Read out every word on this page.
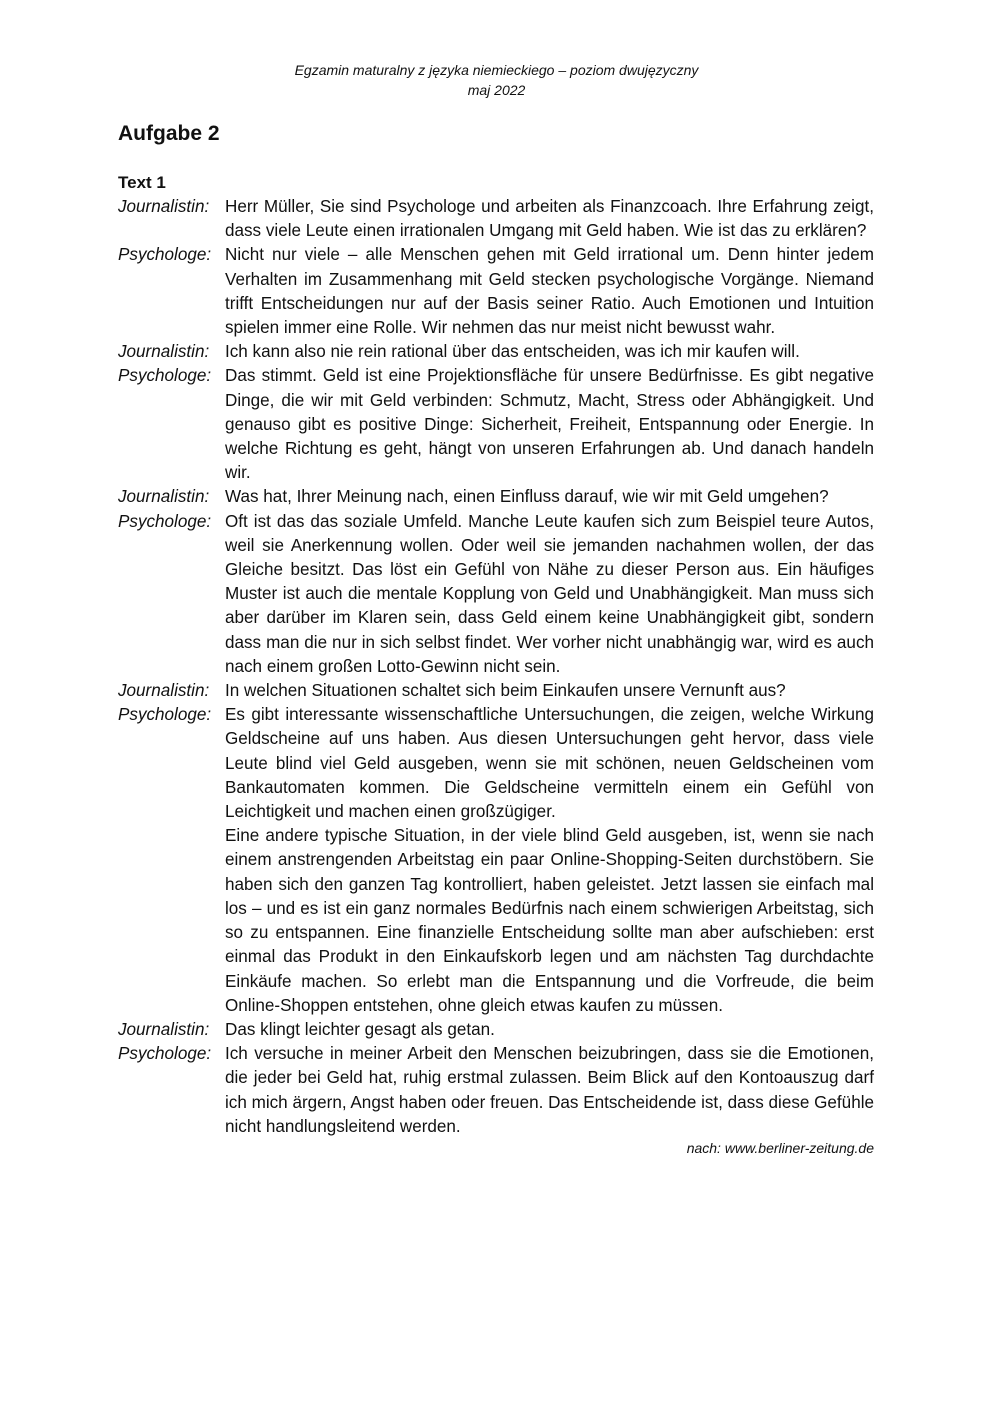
Egzamin maturalny z języka niemieckiego – poziom dwujęzyczny
maj 2022
Aufgabe 2
Text 1
Journalistin: Herr Müller, Sie sind Psychologe und arbeiten als Finanzcoach. Ihre Erfahrung zeigt, dass viele Leute einen irrationalen Umgang mit Geld haben. Wie ist das zu erklären?

Psychologe: Nicht nur viele – alle Menschen gehen mit Geld irrational um. Denn hinter jedem Verhalten im Zusammenhang mit Geld stecken psychologische Vorgänge. Niemand trifft Entscheidungen nur auf der Basis seiner Ratio. Auch Emotionen und Intuition spielen immer eine Rolle. Wir nehmen das nur meist nicht bewusst wahr.

Journalistin: Ich kann also nie rein rational über das entscheiden, was ich mir kaufen will.

Psychologe: Das stimmt. Geld ist eine Projektionsfläche für unsere Bedürfnisse. Es gibt negative Dinge, die wir mit Geld verbinden: Schmutz, Macht, Stress oder Abhängigkeit. Und genauso gibt es positive Dinge: Sicherheit, Freiheit, Entspannung oder Energie. In welche Richtung es geht, hängt von unseren Erfahrungen ab. Und danach handeln wir.

Journalistin: Was hat, Ihrer Meinung nach, einen Einfluss darauf, wie wir mit Geld umgehen?

Psychologe: Oft ist das das soziale Umfeld. Manche Leute kaufen sich zum Beispiel teure Autos, weil sie Anerkennung wollen. Oder weil sie jemanden nachahmen wollen, der das Gleiche besitzt. Das löst ein Gefühl von Nähe zu dieser Person aus. Ein häufiges Muster ist auch die mentale Kopplung von Geld und Unabhängigkeit. Man muss sich aber darüber im Klaren sein, dass Geld einem keine Unabhängigkeit gibt, sondern dass man die nur in sich selbst findet. Wer vorher nicht unabhängig war, wird es auch nach einem großen Lotto-Gewinn nicht sein.

Journalistin: In welchen Situationen schaltet sich beim Einkaufen unsere Vernunft aus?

Psychologe: Es gibt interessante wissenschaftliche Untersuchungen, die zeigen, welche Wirkung Geldscheine auf uns haben. Aus diesen Untersuchungen geht hervor, dass viele Leute blind viel Geld ausgeben, wenn sie mit schönen, neuen Geldscheinen vom Bankautomaten kommen. Die Geldscheine vermitteln einem ein Gefühl von Leichtigkeit und machen einen großzügiger.

Eine andere typische Situation, in der viele blind Geld ausgeben, ist, wenn sie nach einem anstrengenden Arbeitstag ein paar Online-Shopping-Seiten durchstöbern. Sie haben sich den ganzen Tag kontrolliert, haben geleistet. Jetzt lassen sie einfach mal los – und es ist ein ganz normales Bedürfnis nach einem schwierigen Arbeitstag, sich so zu entspannen. Eine finanzielle Entscheidung sollte man aber aufschieben: erst einmal das Produkt in den Einkaufskorb legen und am nächsten Tag durchdachte Einkäufe machen. So erlebt man die Entspannung und die Vorfreude, die beim Online-Shoppen entstehen, ohne gleich etwas kaufen zu müssen.

Journalistin: Das klingt leichter gesagt als getan.

Psychologe: Ich versuche in meiner Arbeit den Menschen beizubringen, dass sie die Emotionen, die jeder bei Geld hat, ruhig erstmal zulassen. Beim Blick auf den Kontoauszug darf ich mich ärgern, Angst haben oder freuen. Das Entscheidende ist, dass diese Gefühle nicht handlungsleitend werden.

nach: www.berliner-zeitung.de
